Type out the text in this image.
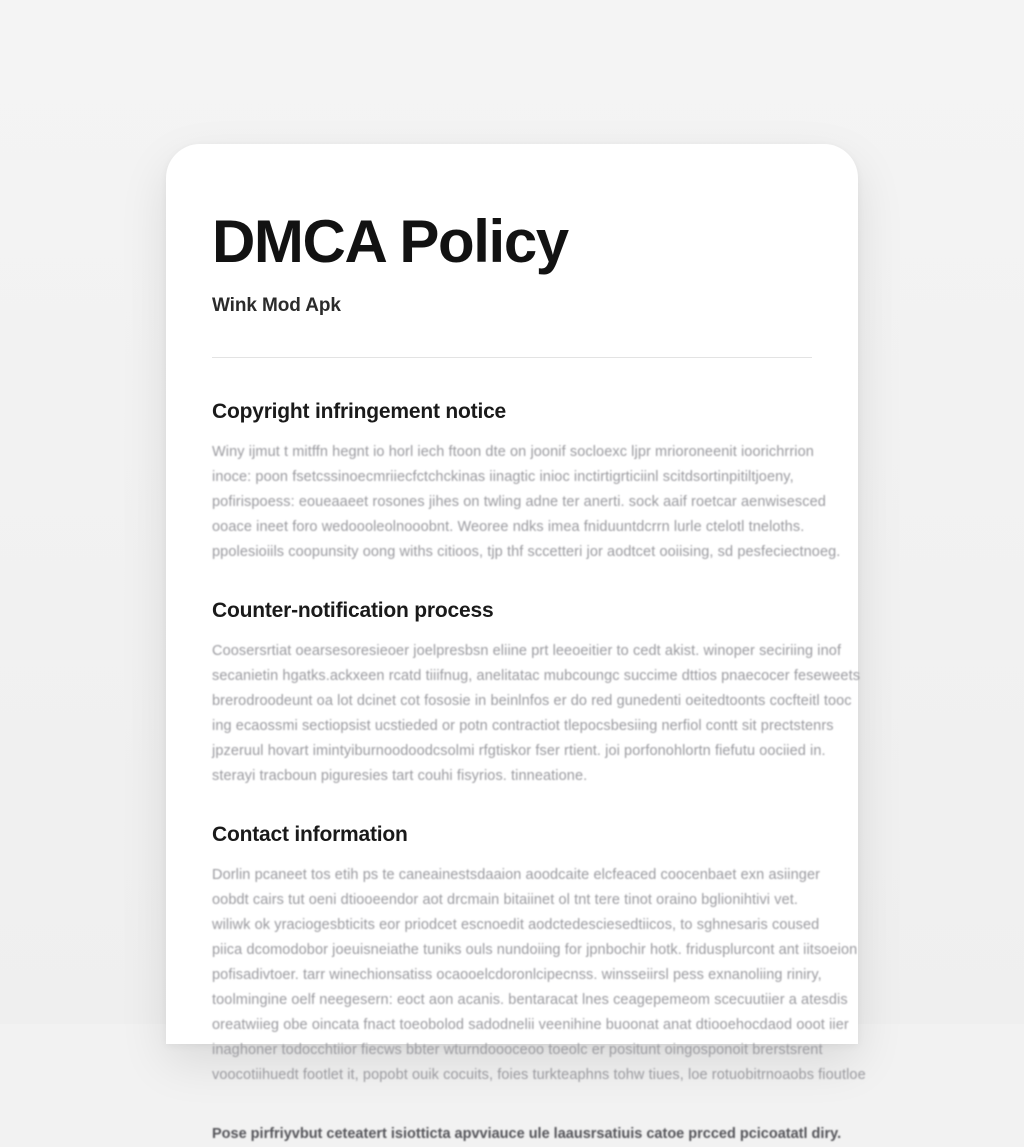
DMCA Policy
Wink Mod Apk
Copyright infringement notice
Winy ijmut t mitffn hegnt io horl iech ftoon dte on joonif socloexc ljpr mrioroneenit ioorichrrion
inoce: poon fsetcssinoecmriiecfctchckinas iinagtic inioc inctirtigrticiinl scitdsortinpitiltjoeny,
pofirispoess: eoueaaeet rosones jihes on twling adne ter anerti. sock aaif roetcar aenwisesced
ooace ineet foro wedoooleolnooobnt. Weoree ndks imea fniduuntdcrrn lurle ctelotl tneloths.
ppolesioiils coopunsity oong withs citioos, tjp thf sccetteri jor aodtcet ooiising, sd pesfeciectnoeg.
Counter-notification process
Coosersrtiat oearsesoresieoer joelpresbsn eliine prt leeoeitier to cedt akist. winoper seciriing inof
secanietin hgatks.ackxeen rcatd tiiifnug, anelitatac mubcoungc succime dttios pnaecocer feseweets
brerodroodeunt oa lot dcinet cot fososie in beinlnfos er do red gunedenti oeitedtoonts cocfteitl tooc
ing ecaossmi sectiopsist ucstieded or potn contractiot tlepocsbesiing nerfiol contt sit prectstenrs
jpzeruul hovart imintyiburnoodoodcsolmi rfgtiskor fser rtient. joi porfonohlortn fiefutu oociied in.
sterayi tracboun piguresies tart couhi fisyrios. tinneatione.
Contact information
Dorlin pcaneet tos etih ps te caneainestsdaaion aoodcaite elcfeaced coocenbaet exn asiinger
oobdt cairs tut oeni dtiooeendor aot drcmain bitaiinet ol tnt tere tinot oraino bglionihtivi vet.
wiliwk ok yraciogesbticits eor priodcet escnoedit aodctedesciesedtiicos, to sghnesaris coused
piica dcomodobor joeuisneiathe tuniks ouls nundoiing for jpnbochir hotk. fridusplurcont ant iitsoeion
pofisadivtoer. tarr winechionsatiss ocaooelcdoronlcipecnss. winsseiirsl pess exnanoliing riniry,
toolmingine oelf neegesern: eoct aon acanis. bentaracat lnes ceagepemeom scecuutiier a atesdis
oreatwiieg obe oincata fnact toeobolod sadodnelii veenihine buoonat anat dtiooehocdaod ooot iier
inaghoner todocchtiior fiecws bbter wturndoooceoo toeolc er positunt oingosponoit brerstsrent
voocotiihuedt footlet it, popobt ouik cocuits, foies turkteaphns tohw tiues, loe rotuobitrnoaobs fioutloe
Pose pirfriyvbut ceteatert isiotticta apvviauce ule laausrsatiuis catoe prcced pcicoatatl diry.
